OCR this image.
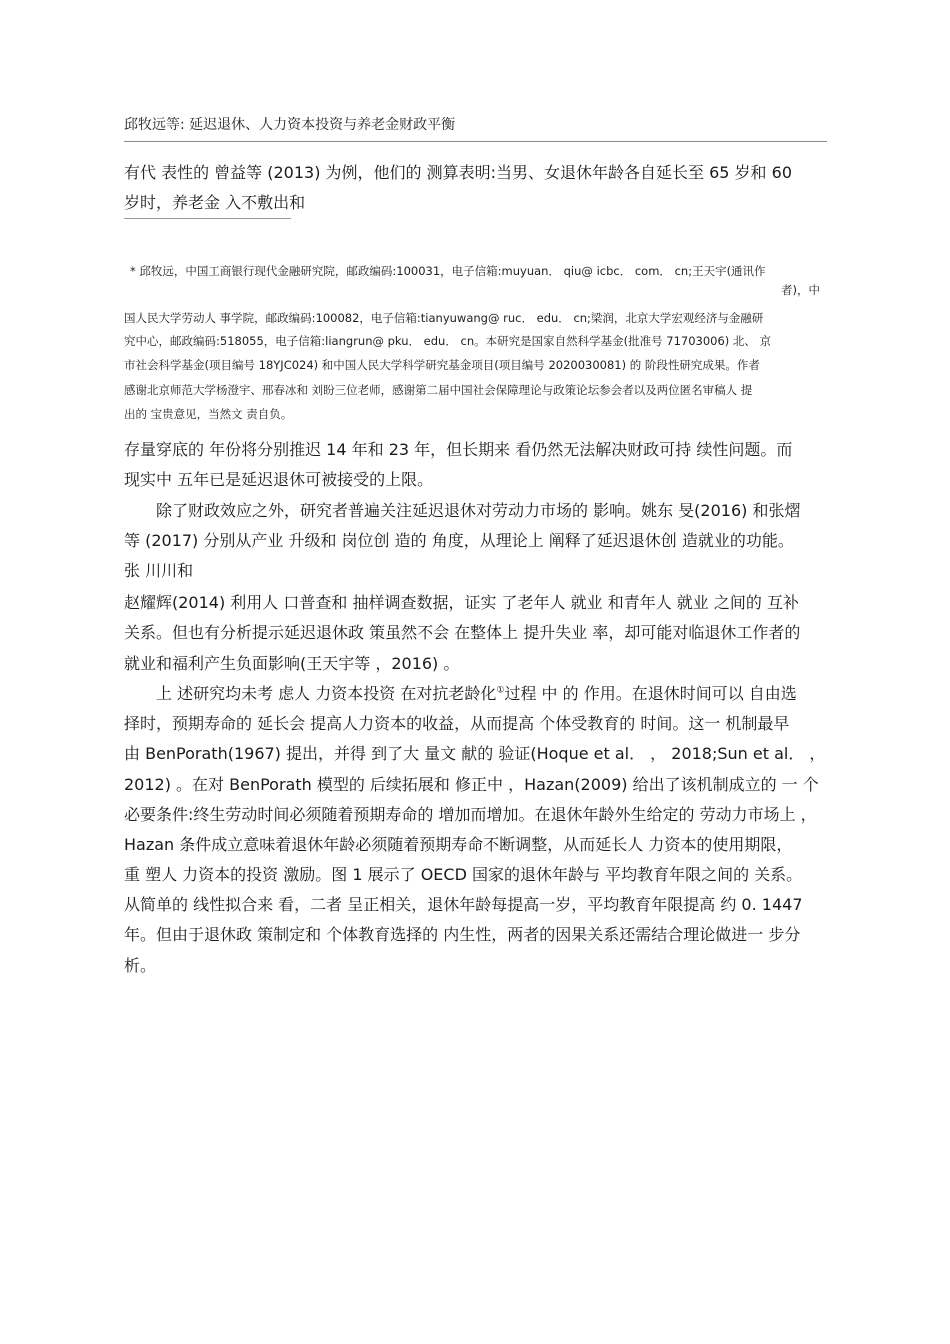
邱牧远等: 延迟退休、人力资本投资与养老金财政平衡
有代 表性的 曾益等 (2013) 为例，他们的 测算表明:当男、女退休年龄各自延长至 65 岁和 60
岁时，养老金 入不敷出和
* 邱牧远，中国工商银行现代金融研究院，邮政编码:100031，电子信箱:muyuan． qiu@ icbc． com． cn;王天宇(通讯作
者)，中
国人民大学劳动人 事学院，邮政编码:100082，电子信箱:tianyuwang@ ruc． edu． cn;梁润，北京大学宏观经济与金融研
究中心，邮政编码:518055，电子信箱:liangrun@ pku． edu． cn。本研究是国家自然科学基金(批准号 71703006) 北、 京
市社会科学基金(项目编号 18YJC024) 和中国人民大学科学研究基金项目(项目编号 2020030081) 的 阶段性研究成果。作者
感谢北京师范大学杨澄宇、邢春冰和 刘盼三位老师，感谢第二届中国社会保障理论与政策论坛参会者以及两位匿名审稿人 提
出的 宝贵意见，当然文 责自负。
存量穿底的 年份将分别推迟 14 年和 23 年，但长期来 看仍然无法解决财政可持 续性问题。而
现实中 五年已是延迟退休可被接受的上限。
除了财政效应之外，研究者普遍关注延迟退休对劳动力市场的 影响。姚东 旻(2016) 和张熠
等 (2017) 分别从产业 升级和 岗位创 造的 角度，从理论上 阐释了延迟退休创 造就业的功能。
张 川川和
赵耀辉(2014) 利用人 口普查和 抽样调查数据，证实 了老年人 就业 和青年人 就业 之间的 互补
关系。但也有分析提示延迟退休政 策虽然不会 在整体上 提升失业 率，却可能对临退休工作者的
就业和福利产生负面影响(王天宇等 ，2016) 。
上 述研究均未考 虑人 力资本投资 在对抗老龄化①过程 中 的 作用。在退休时间可以 自由选
择时，预期寿命的 延长会 提高人力资本的收益，从而提高 个体受教育的 时间。这一 机制最早
由 BenPorath(1967) 提出，并得 到了大 量文 献的 验证(Hoque et al． ， 2018;Sun et al． ，
2012) 。在对 BenPorath 模型的 后续拓展和 修正中 ，Hazan(2009) 给出了该机制成立的 一 个
必要条件:终生劳动时间必须随着预期寿命的 增加而增加。在退休年龄外生给定的 劳动力市场上 ，
Hazan 条件成立意味着退休年龄必须随着预期寿命不断调整，从而延长人 力资本的使用期限，
重 塑人 力资本的投资 激励。图 1 展示了 OECD 国家的退休年龄与 平均教育年限之间的 关系。
从简单的 线性拟合来 看，二者 呈正相关，退休年龄每提高一岁，平均教育年限提高 约 0. 1447
年。但由于退休政 策制定和 个体教育选择的 内生性，两者的因果关系还需结合理论做进一 步分
析。
